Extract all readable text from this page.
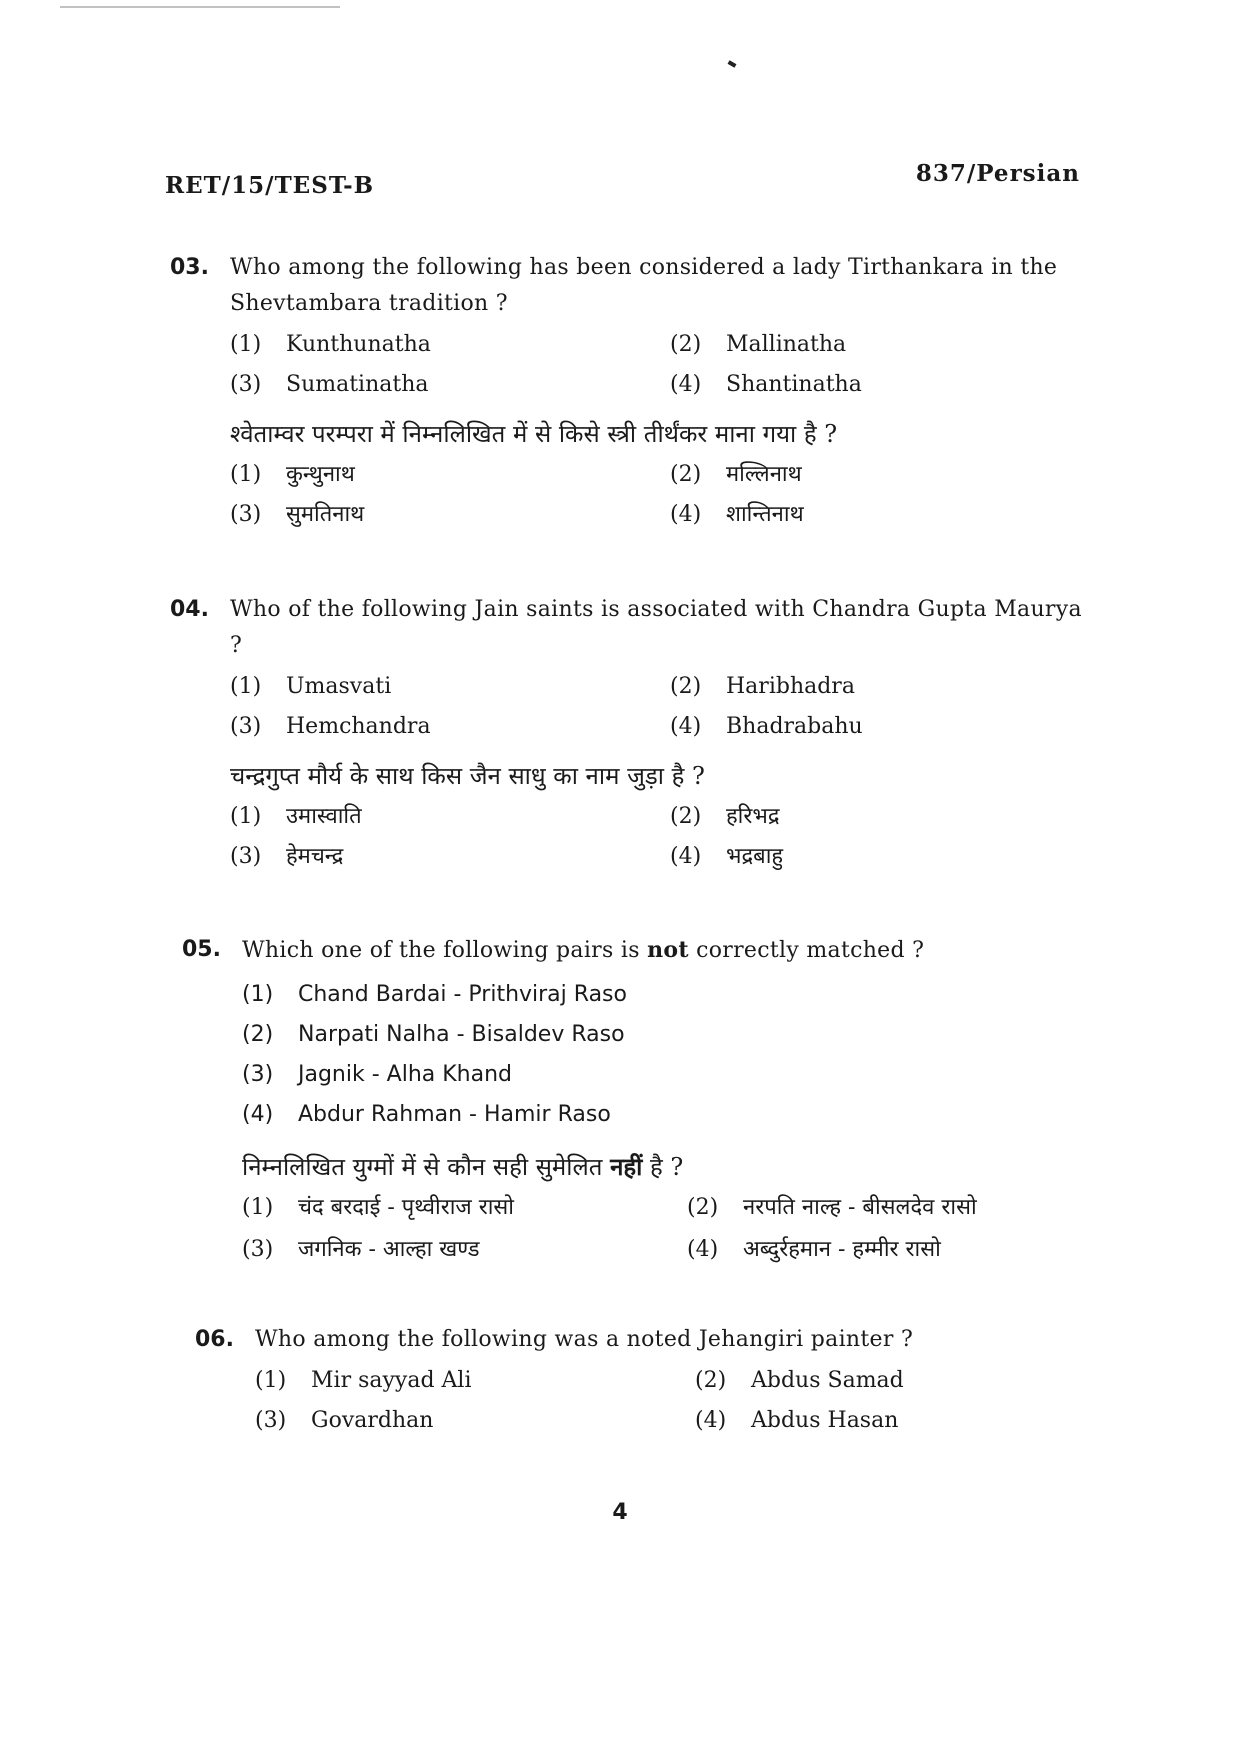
RET/15/TEST-B	837/Persian
03. Who among the following has been considered a lady Tirthankara in the Shevtambara tradition ?
(1)	Kunthunatha	(2)	Mallinatha
(3)	Sumatinatha	(4)	Shantinatha
श्वेताम्वर परम्परा में निम्नलिखित में से किसे स्त्री तीर्थंकर माना गया है ?
(1)	कुन्थुनाथ	(2)	मल्लिनाथ
(3)	सुमतिनाथ	(4)	शान्तिनाथ
04. Who of the following Jain saints is associated with Chandra Gupta Maurya ?
(1)	Umasvati	(2)	Haribhadra
(3)	Hemchandra	(4)	Bhadrabahu
चन्द्रगुप्त मौर्य के साथ किस जैन साधु का नाम जुड़ा है ?
(1)	उमास्वाति	(2)	हरिभद्र
(3)	हेमचन्द्र	(4)	भद्रबाहु
05. Which one of the following pairs is not correctly matched ?
(1)	Chand Bardai - Prithviraj Raso
(2)	Narpati Nalha - Bisaldev Raso
(3)	Jagnik - Alha Khand
(4)	Abdur Rahman - Hamir Raso
निम्नलिखित युग्मों में से कौन सही सुमेलित नहीं है ?
(1)	चंद बरदाई - पृथ्वीराज रासो	(2)	नरपति नाल्ह - बीसलदेव रासो
(3)	जगनिक - आल्हा खण्ड	(4)	अब्दुर्रहमान - हम्मीर रासो
06. Who among the following was a noted Jehangiri painter ?
(1)	Mir sayyad Ali	(2)	Abdus Samad
(3)	Govardhan	(4)	Abdus Hasan
4
